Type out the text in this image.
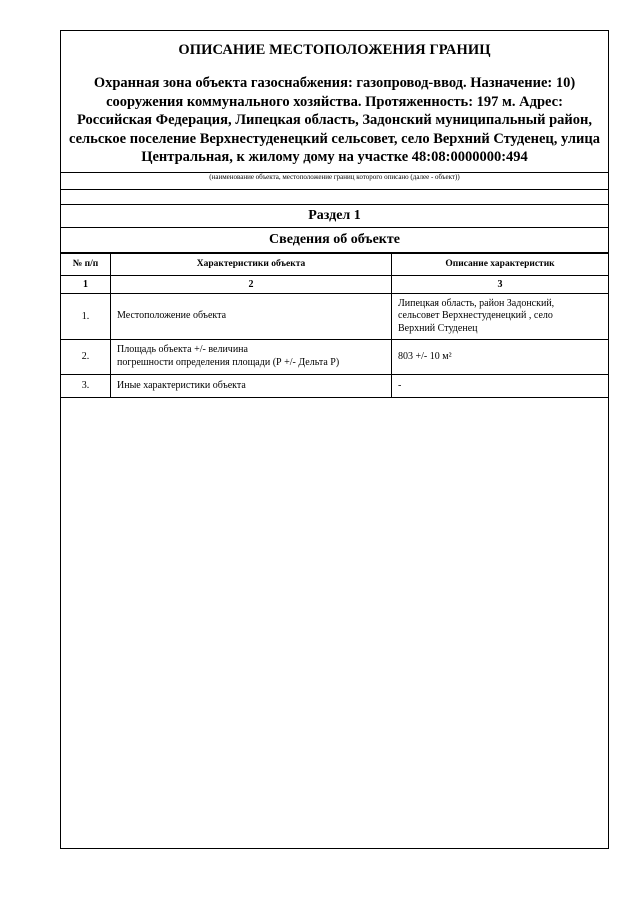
ОПИСАНИЕ МЕСТОПОЛОЖЕНИЯ ГРАНИЦ
Охранная зона объекта газоснабжения: газопровод-ввод. Назначение: 10) сооружения коммунального хозяйства. Протяженность: 197 м. Адрес: Российская Федерация, Липецкая область, Задонский муниципальный район, сельское поселение Верхнестуденецкий сельсовет, село Верхний Студенец, улица Центральная, к жилому дому на участке 48:08:0000000:494
(наименование объекта, местоположение границ которого описано (далее - объект))
Раздел 1
Сведения об объекте
№ п/п	Характеристики объекта	Описание характеристик
1	2	3
1.	Местоположение объекта	Липецкая область, район Задонский,
сельсовет Верхнестуденецкий , село
Верхний Студенец
2.	Площадь объекта +/- величина
погрешности определения площади (Р +/- Дельта Р)	803 +/- 10 м²
3.	Иные характеристики объекта	-
